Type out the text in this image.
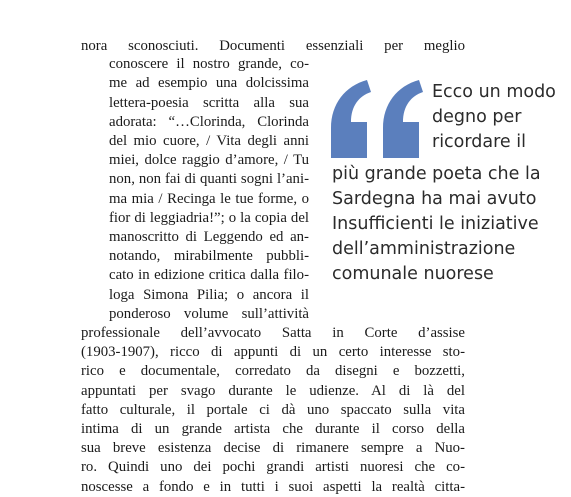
nora sconosciuti. Documenti essenziali per meglio
conoscere il nostro grande, co-
me ad esempio una dolcissima
lettera-poesia scritta alla sua
adorata: “…Clorinda, Clorinda
del mio cuore, / Vita degli anni
miei, dolce raggio d’amore, / Tu
non, non fai di quanti sogni l’ani-
ma mia / Recinga le tue forme, o
fior di leggiadria!”; o la copia del
manoscritto di Leggendo ed an-
notando, mirabilmente pubbli-
cato in edizione critica dalla filo-
loga Simona Pilia; o ancora il
ponderoso volume sull’attività
professionale dell’avvocato Satta in Corte d’assise
(1903-1907), ricco di appunti di un certo interesse sto-
rico e documentale, corredato da disegni e bozzetti,
appuntati per svago durante le udienze. Al di là del
fatto culturale, il portale ci dà uno spaccato sulla vita
intima di un grande artista che durante il corso della
sua breve esistenza decise di rimanere sempre a Nuo-
ro. Quindi uno dei pochi grandi artisti nuoresi che co-
noscesse a fondo e in tutti i suoi aspetti la realtà citta-
Ecco un modo
degno per
ricordare il
più grande poeta che la
Sardegna ha mai avuto
Insufficienti le iniziative
dell’amministrazione
comunale nuorese
